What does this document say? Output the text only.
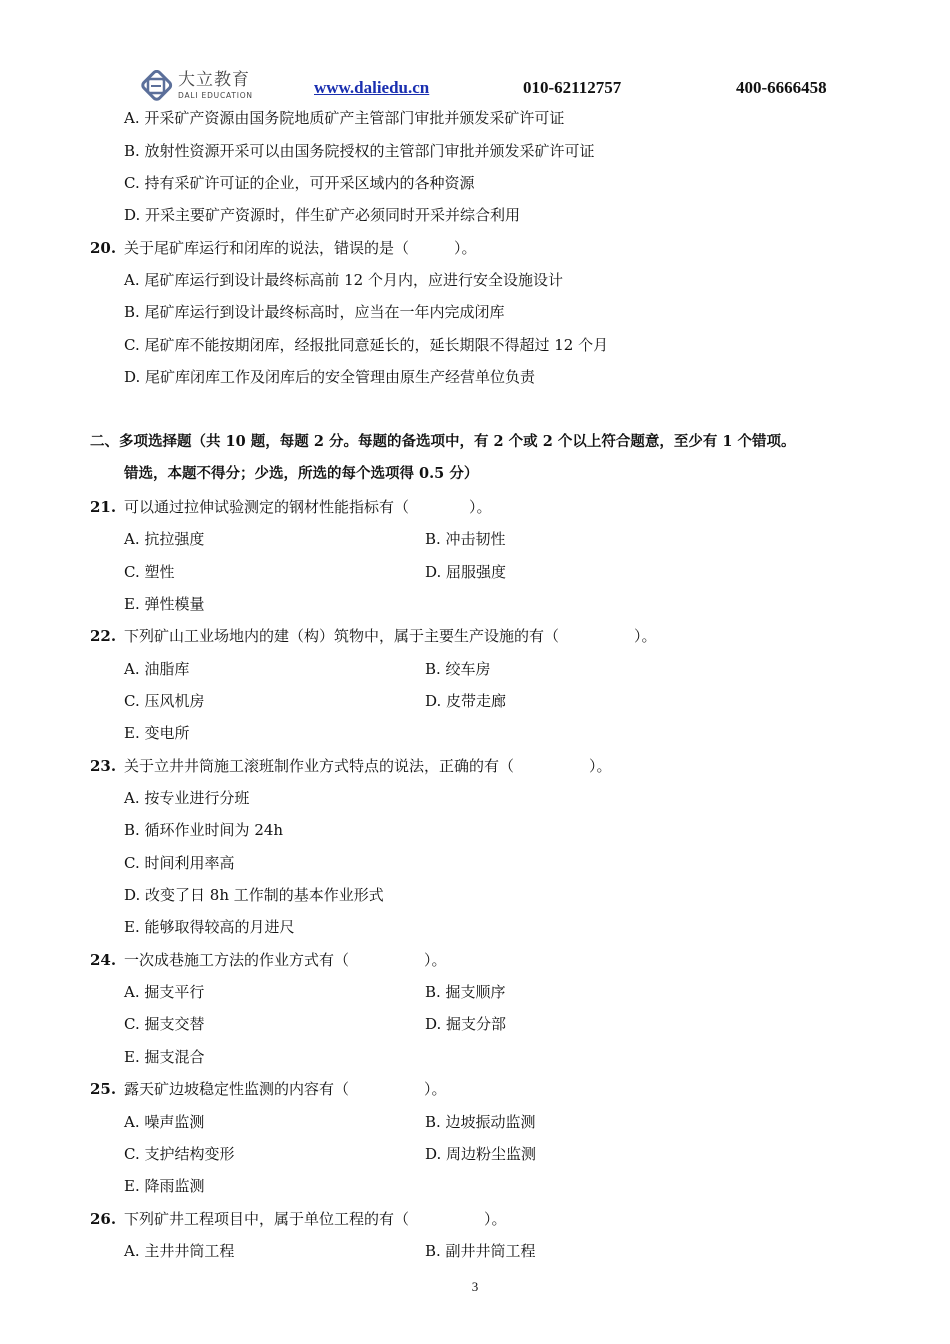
大立教育
DALI EDUCATION	www.daliedu.cn	010-62112757	400-6666458
A. 开采矿产资源由国务院地质矿产主管部门审批并颁发采矿许可证
B. 放射性资源开采可以由国务院授权的主管部门审批并颁发采矿许可证
C. 持有采矿许可证的企业，可开采区域内的各种资源
D. 开采主要矿产资源时，伴生矿产必须同时开采并综合利用
20. 关于尾矿库运行和闭库的说法，错误的是（　　　）。
A. 尾矿库运行到设计最终标高前 12 个月内，应进行安全设施设计
B. 尾矿库运行到设计最终标高时，应当在一年内完成闭库
C. 尾矿库不能按期闭库，经报批同意延长的，延长期限不得超过 12 个月
D. 尾矿库闭库工作及闭库后的安全管理由原生产经营单位负责
二、多项选择题（共 10 题，每题 2 分。每题的备选项中，有 2 个或 2 个以上符合题意，至少有 1 个错项。
错选，本题不得分；少选，所选的每个选项得 0.5 分）
21. 可以通过拉伸试验测定的钢材性能指标有（　　　　）。
A. 抗拉强度	B. 冲击韧性
C. 塑性	D. 屈服强度
E. 弹性模量
22. 下列矿山工业场地内的建（构）筑物中，属于主要生产设施的有（　　　　　）。
A. 油脂库	B. 绞车房
C. 压风机房	D. 皮带走廊
E. 变电所
23. 关于立井井筒施工滚班制作业方式特点的说法，正确的有（　　　　　）。
A. 按专业进行分班
B. 循环作业时间为 24h
C. 时间利用率高
D. 改变了日 8h 工作制的基本作业形式
E. 能够取得较高的月进尺
24. 一次成巷施工方法的作业方式有（　　　　　）。
A. 掘支平行	B. 掘支顺序
C. 掘支交替	D. 掘支分部
E. 掘支混合
25. 露天矿边坡稳定性监测的内容有（　　　　　）。
A. 噪声监测	B. 边坡振动监测
C. 支护结构变形	D. 周边粉尘监测
E. 降雨监测
26. 下列矿井工程项目中，属于单位工程的有（　　　　　）。
A. 主井井筒工程	B. 副井井筒工程
3
